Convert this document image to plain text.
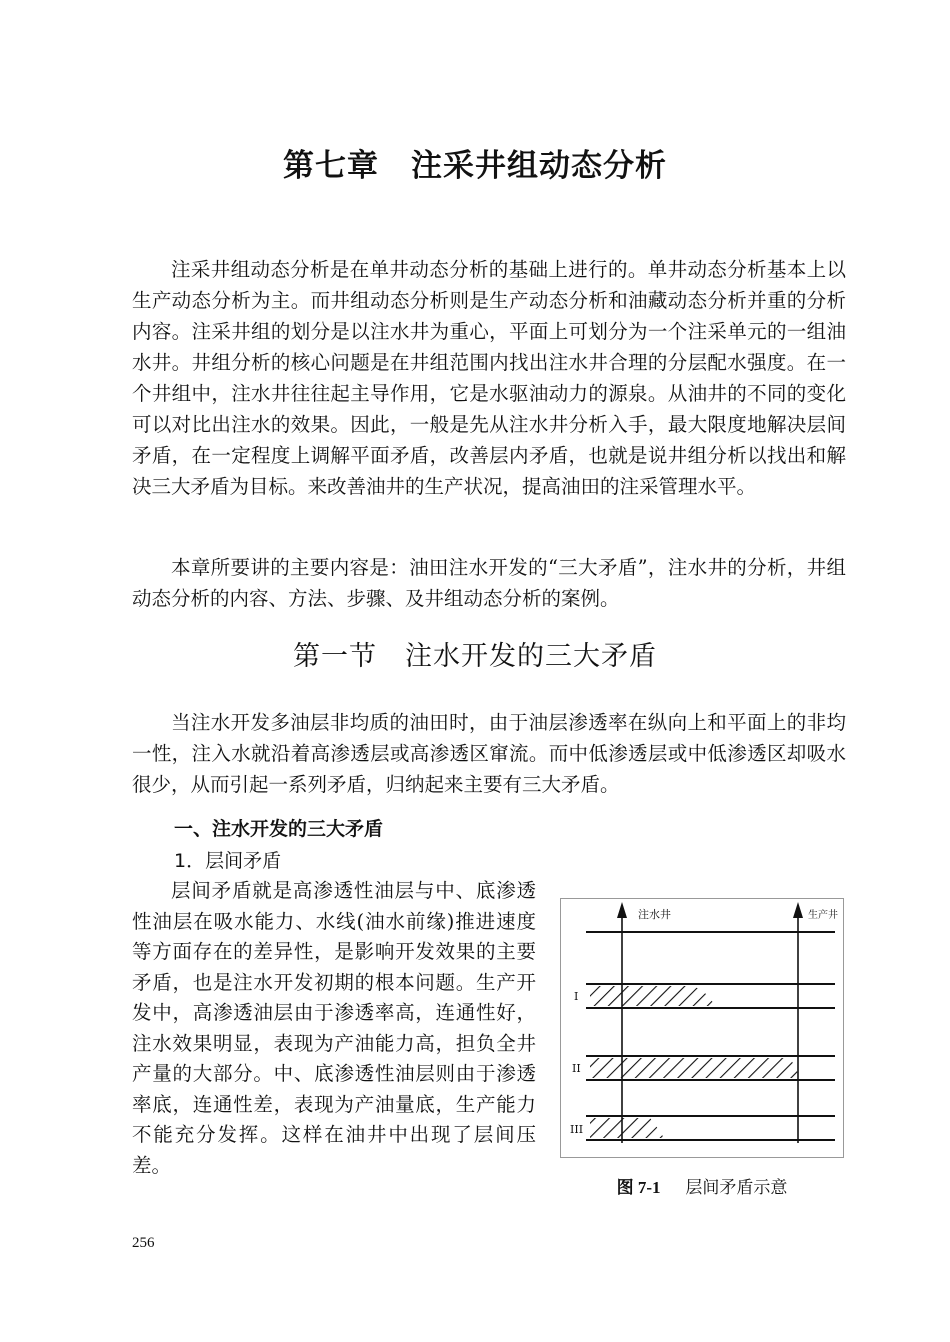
第七章　注采井组动态分析

注采井组动态分析是在单井动态分析的基础上进行的。单井动态分析基本上以生产动态分析为主。而井组动态分析则是生产动态分析和油藏动态分析并重的分析内容。注采井组的划分是以注水井为重心，平面上可划分为一个注采单元的一组油水井。井组分析的核心问题是在井组范围内找出注水井合理的分层配水强度。在一个井组中，注水井往往起主导作用，它是水驱油动力的源泉。从油井的不同的变化可以对比出注水的效果。因此，一般是先从注水井分析入手，最大限度地解决层间矛盾，在一定程度上调解平面矛盾，改善层内矛盾，也就是说井组分析以找出和解决三大矛盾为目标。来改善油井的生产状况，提高油田的注采管理水平。

本章所要讲的主要内容是：油田注水开发的“三大矛盾”，注水井的分析，井组动态分析的内容、方法、步骤、及井组动态分析的案例。

第一节　注水开发的三大矛盾

当注水开发多油层非均质的油田时，由于油层渗透率在纵向上和平面上的非均一性，注入水就沿着高渗透层或高渗透区窜流。而中低渗透层或中低渗透区却吸水很少，从而引起一系列矛盾，归纳起来主要有三大矛盾。

一、注水开发的三大矛盾
1．层间矛盾

层间矛盾就是高渗透性油层与中、底渗透性油层在吸水能力、水线(油水前缘)推进速度等方面存在的差异性，是影响开发效果的主要矛盾，也是注水开发初期的根本问题。生产开发中，高渗透油层由于渗透率高，连通性好，注水效果明显，表现为产油能力高，担负全井产量的大部分。中、底渗透性油层则由于渗透率底，连通性差，表现为产油量底，生产能力不能充分发挥。这样在油井中出现了层间压差。

注水井	生产井
I
II
III
图 7-1 层间矛盾示意
256
